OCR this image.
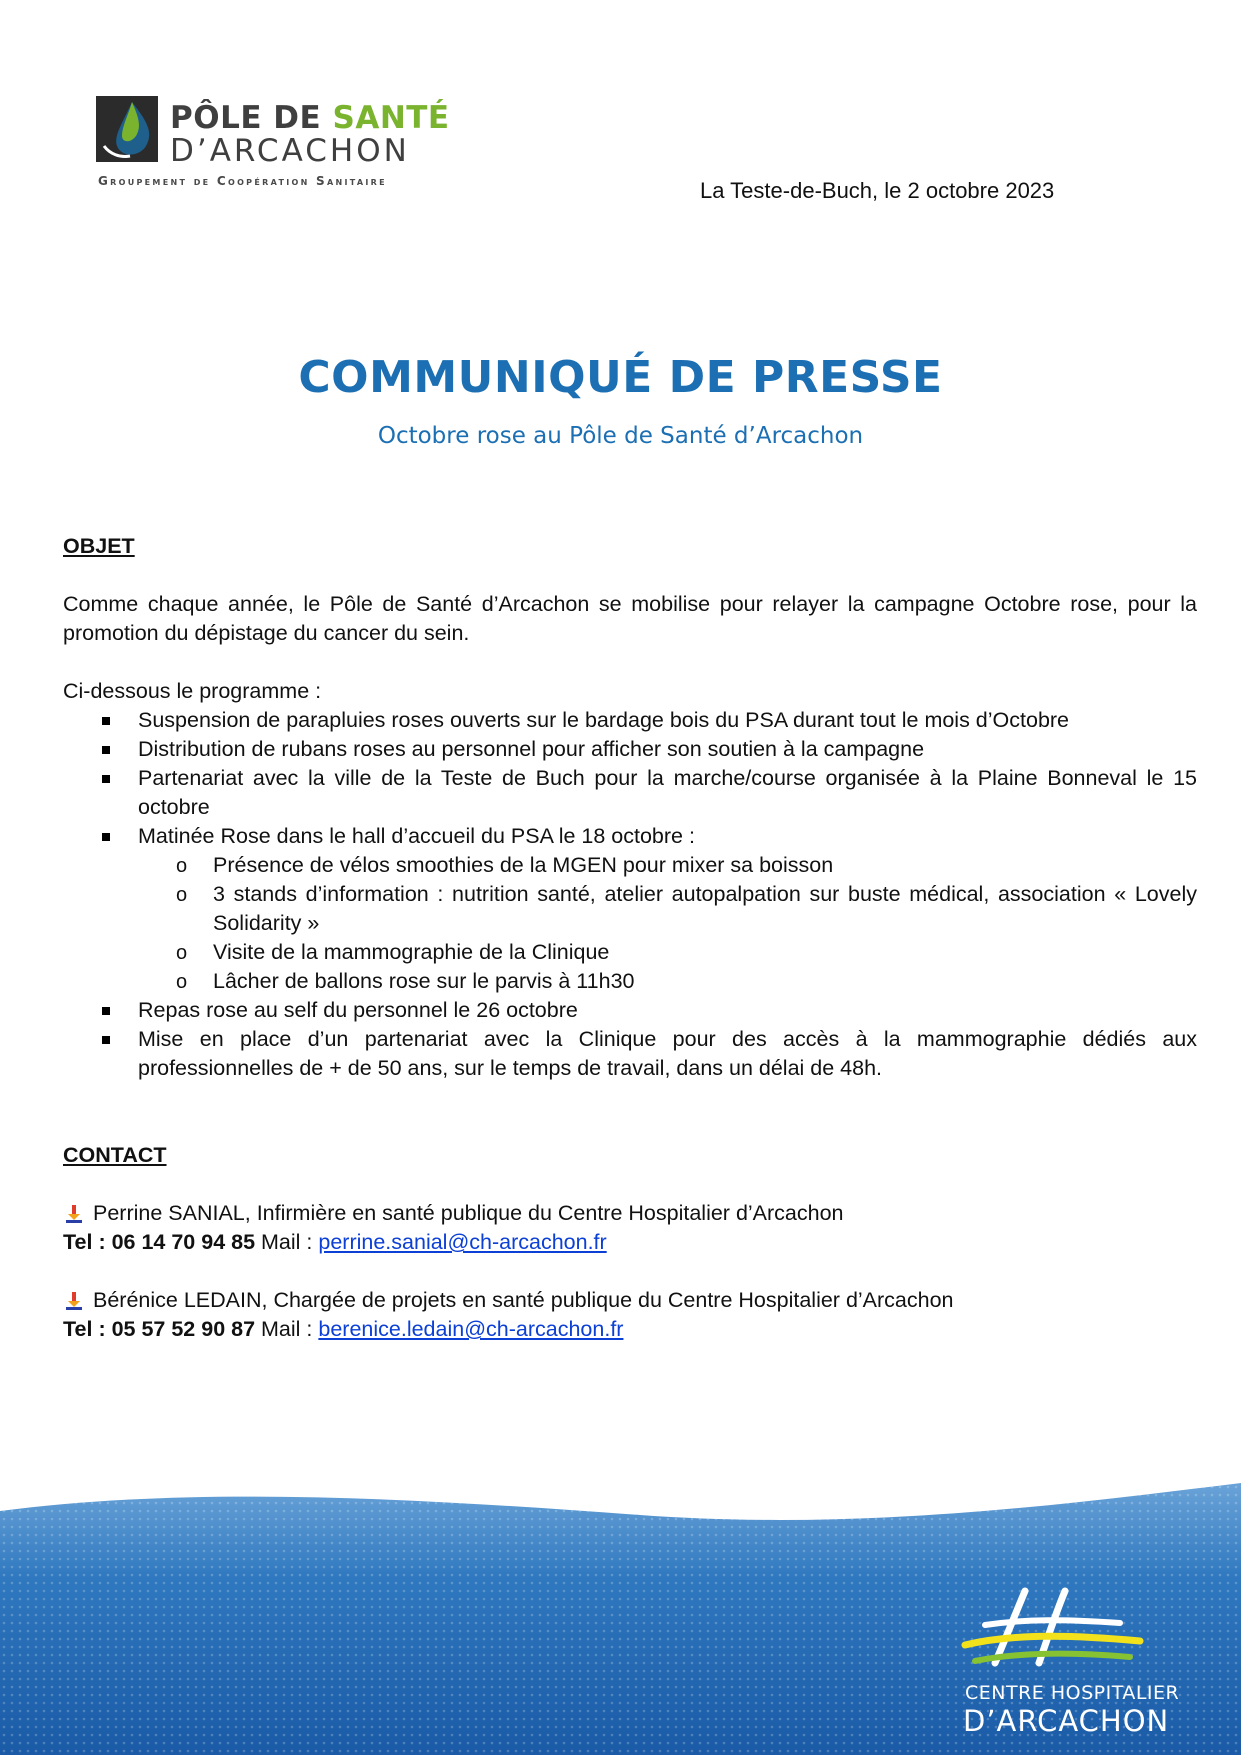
PÔLE DE SANTÉ
D’ARCACHON
Groupement de Coopération Sanitaire	La Teste-de-Buch, le 2 octobre 2023
COMMUNIQUÉ DE PRESSE
Octobre rose au Pôle de Santé d’Arcachon

OBJET

Comme chaque année, le Pôle de Santé d’Arcachon se mobilise pour relayer la campagne Octobre rose, pour la promotion du dépistage du cancer du sein.

Ci-dessous le programme :

Suspension de parapluies roses ouverts sur le bardage bois du PSA durant tout le mois d’Octobre
Distribution de rubans roses au personnel pour afficher son soutien à la campagne
Partenariat avec la ville de la Teste de Buch pour la marche/course organisée à la Plaine Bonneval le 15 octobre
Matinée Rose dans le hall d’accueil du PSA le 18 octobre :
o Présence de vélos smoothies de la MGEN pour mixer sa boisson
o 3 stands d’information : nutrition santé, atelier autopalpation sur buste médical, association « Lovely Solidarity »
o Visite de la mammographie de la Clinique
o Lâcher de ballons rose sur le parvis à 11h30
Repas rose au self du personnel le 26 octobre
Mise en place d’un partenariat avec la Clinique pour des accès à la mammographie dédiés aux professionnelles de + de 50 ans, sur le temps de travail, dans un délai de 48h.

CONTACT

Perrine SANIAL, Infirmière en santé publique du Centre Hospitalier d’Arcachon

Tel : 06 14 70 94 85 Mail : perrine.sanial@ch-arcachon.fr

Bérénice LEDAIN, Chargée de projets en santé publique du Centre Hospitalier d’Arcachon

Tel : 05 57 52 90 87 Mail : berenice.ledain@ch-arcachon.fr

CENTRE HOSPITALIER
D’ARCACHON
